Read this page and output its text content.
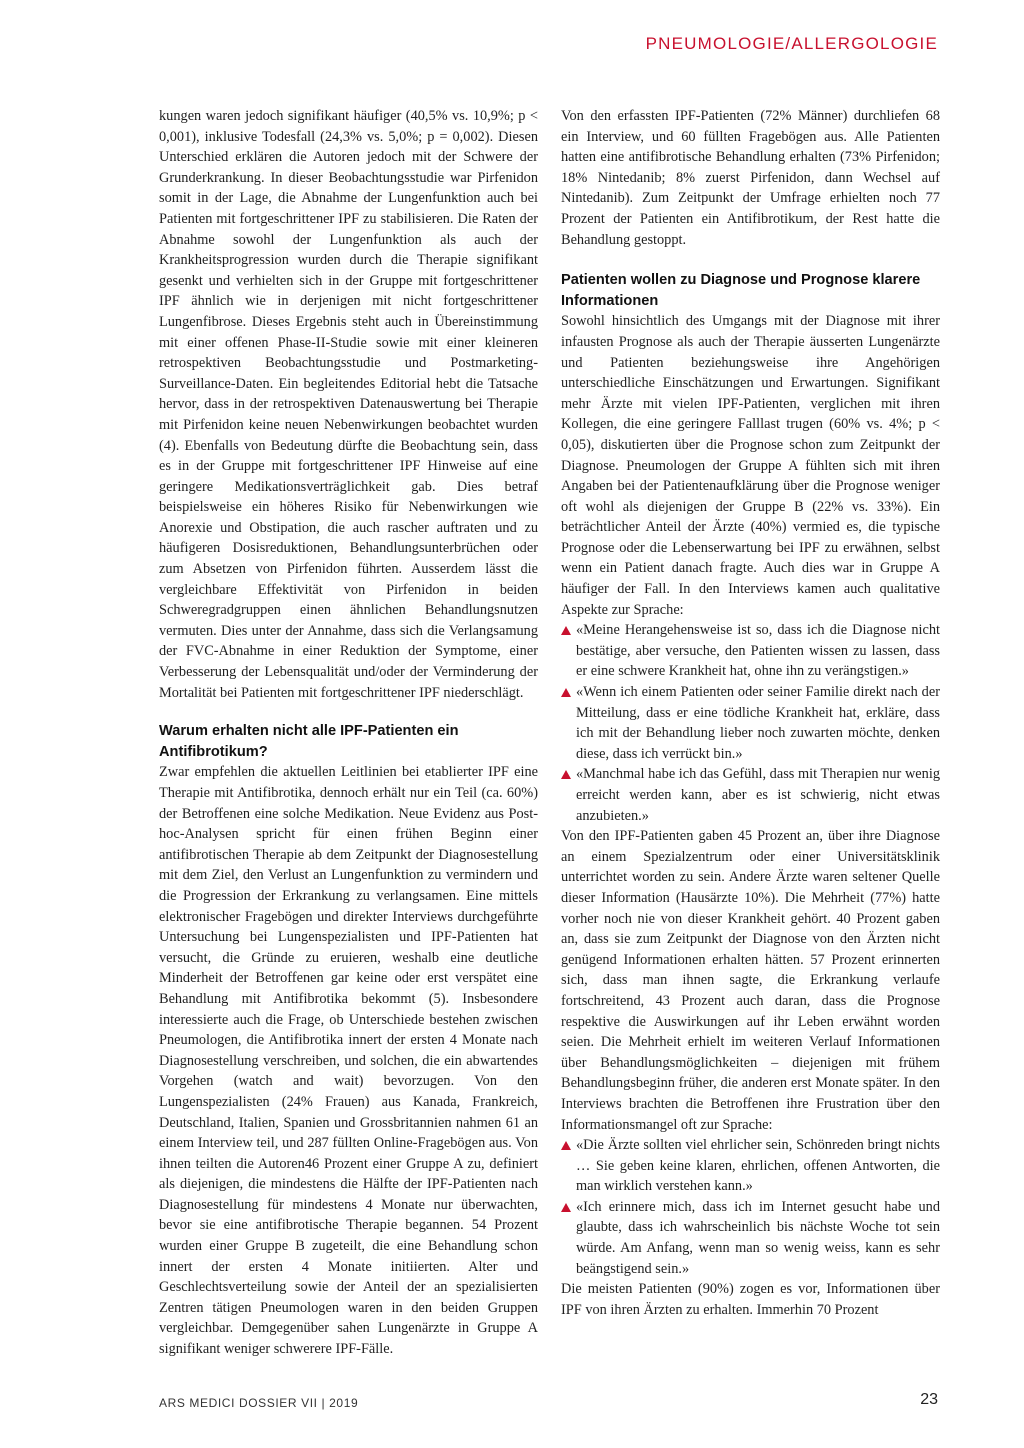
PNEUMOLOGIE/ALLERGOLOGIE

kungen waren jedoch signifikant häufiger (40,5% vs. 10,9%; p < 0,001), inklusive Todesfall (24,3% vs. 5,0%; p = 0,002). Diesen Unterschied erklären die Autoren jedoch mit der Schwere der Grunderkrankung. In dieser Beobachtungsstudie war Pirfenidon somit in der Lage, die Abnahme der Lungenfunktion auch bei Patienten mit fortgeschrittener IPF zu stabilisieren. Die Raten der Abnahme sowohl der Lungenfunktion als auch der Krankheitsprogression wurden durch die Therapie signifikant gesenkt und verhielten sich in der Gruppe mit fortgeschrittener IPF ähnlich wie in derjenigen mit nicht fortgeschrittener Lungenfibrose. Dieses Ergebnis steht auch in Übereinstimmung mit einer offenen Phase-II-Studie sowie mit einer kleineren retrospektiven Beobachtungsstudie und Postmarketing-Surveillance-Daten. Ein begleitendes Editorial hebt die Tatsache hervor, dass in der retrospektiven Datenauswertung bei Therapie mit Pirfenidon keine neuen Nebenwirkungen beobachtet wurden (4). Ebenfalls von Bedeutung dürfte die Beobachtung sein, dass es in der Gruppe mit fortgeschrittener IPF Hinweise auf eine geringere Medikationsverträglichkeit gab. Dies betraf beispielsweise ein höheres Risiko für Nebenwirkungen wie Anorexie und Obstipation, die auch rascher auftraten und zu häufigeren Dosisreduktionen, Behandlungsunterbrüchen oder zum Absetzen von Pirfenidon führten. Ausserdem lässt die vergleichbare Effektivität von Pirfenidon in beiden Schweregradgruppen einen ähnlichen Behandlungsnutzen vermuten. Dies unter der Annahme, dass sich die Verlangsamung der FVC-Abnahme in einer Reduktion der Symptome, einer Verbesserung der Lebensqualität und/oder der Verminderung der Mortalität bei Patienten mit fortgeschrittener IPF niederschlägt.

Warum erhalten nicht alle IPF-Patienten ein Antifibrotikum?

Zwar empfehlen die aktuellen Leitlinien bei etablierter IPF eine Therapie mit Antifibrotika, dennoch erhält nur ein Teil (ca. 60%) der Betroffenen eine solche Medikation. Neue Evidenz aus Post-hoc-Analysen spricht für einen frühen Beginn einer antifibrotischen Therapie ab dem Zeitpunkt der Diagnosestellung mit dem Ziel, den Verlust an Lungenfunktion zu vermindern und die Progression der Erkrankung zu verlangsamen. Eine mittels elektronischer Fragebögen und direkter Interviews durchgeführte Untersuchung bei Lungenspezialisten und IPF-Patienten hat versucht, die Gründe zu eruieren, weshalb eine deutliche Minderheit der Betroffenen gar keine oder erst verspätet eine Behandlung mit Antifibrotika bekommt (5). Insbesondere interessierte auch die Frage, ob Unterschiede bestehen zwischen Pneumologen, die Antifibrotika innert der ersten 4 Monate nach Diagnosestellung verschreiben, und solchen, die ein abwartendes Vorgehen (watch and wait) bevorzugen. Von den Lungenspezialisten (24% Frauen) aus Kanada, Frankreich, Deutschland, Italien, Spanien und Grossbritannien nahmen 61 an einem Interview teil, und 287 füllten Online-Fragebögen aus. Von ihnen teilten die Autoren46 Prozent einer Gruppe A zu, definiert als diejenigen, die mindestens die Hälfte der IPF-Patienten nach Diagnosestellung für mindestens 4 Monate nur überwachten, bevor sie eine antifibrotische Therapie begannen. 54 Prozent wurden einer Gruppe B zugeteilt, die eine Behandlung schon innert der ersten 4 Monate initiierten. Alter und Geschlechtsverteilung sowie der Anteil der an spezialisierten Zentren tätigen Pneumologen waren in den beiden Gruppen vergleichbar. Demgegenüber sahen Lungenärzte in Gruppe A signifikant weniger schwerere IPF-Fälle.

Von den erfassten IPF-Patienten (72% Männer) durchliefen 68 ein Interview, und 60 füllten Fragebögen aus. Alle Patienten hatten eine antifibrotische Behandlung erhalten (73% Pirfenidon; 18% Nintedanib; 8% zuerst Pirfenidon, dann Wechsel auf Nintedanib). Zum Zeitpunkt der Umfrage erhielten noch 77 Prozent der Patienten ein Antifibrotikum, der Rest hatte die Behandlung gestoppt.

Patienten wollen zu Diagnose und Prognose klarere Informationen

Sowohl hinsichtlich des Umgangs mit der Diagnose mit ihrer infausten Prognose als auch der Therapie äusserten Lungenärzte und Patienten beziehungsweise ihre Angehörigen unterschiedliche Einschätzungen und Erwartungen. Signifikant mehr Ärzte mit vielen IPF-Patienten, verglichen mit ihren Kollegen, die eine geringere Falllast trugen (60% vs. 4%; p < 0,05), diskutierten über die Prognose schon zum Zeitpunkt der Diagnose. Pneumologen der Gruppe A fühlten sich mit ihren Angaben bei der Patientenaufklärung über die Prognose weniger oft wohl als diejenigen der Gruppe B (22% vs. 33%). Ein beträchtlicher Anteil der Ärzte (40%) vermied es, die typische Prognose oder die Lebenserwartung bei IPF zu erwähnen, selbst wenn ein Patient danach fragte. Auch dies war in Gruppe A häufiger der Fall. In den Interviews kamen auch qualitative Aspekte zur Sprache:

«Meine Herangehensweise ist so, dass ich die Diagnose nicht bestätige, aber versuche, den Patienten wissen zu lassen, dass er eine schwere Krankheit hat, ohne ihn zu verängstigen.»

«Wenn ich einem Patienten oder seiner Familie direkt nach der Mitteilung, dass er eine tödliche Krankheit hat, erkläre, dass ich mit der Behandlung lieber noch zuwarten möchte, denken diese, dass ich verrückt bin.»

«Manchmal habe ich das Gefühl, dass mit Therapien nur wenig erreicht werden kann, aber es ist schwierig, nicht etwas anzubieten.»

Von den IPF-Patienten gaben 45 Prozent an, über ihre Diagnose an einem Spezialzentrum oder einer Universitätsklinik unterrichtet worden zu sein. Andere Ärzte waren seltener Quelle dieser Information (Hausärzte 10%). Die Mehrheit (77%) hatte vorher noch nie von dieser Krankheit gehört. 40 Prozent gaben an, dass sie zum Zeitpunkt der Diagnose von den Ärzten nicht genügend Informationen erhalten hätten. 57 Prozent erinnerten sich, dass man ihnen sagte, die Erkrankung verlaufe fortschreitend, 43 Prozent auch daran, dass die Prognose respektive die Auswirkungen auf ihr Leben erwähnt worden seien. Die Mehrheit erhielt im weiteren Verlauf Informationen über Behandlungsmöglichkeiten – diejenigen mit frühem Behandlungsbeginn früher, die anderen erst Monate später. In den Interviews brachten die Betroffenen ihre Frustration über den Informationsmangel oft zur Sprache:

«Die Ärzte sollten viel ehrlicher sein, Schönreden bringt nichts … Sie geben keine klaren, ehrlichen, offenen Antworten, die man wirklich verstehen kann.»

«Ich erinnere mich, dass ich im Internet gesucht habe und glaubte, dass ich wahrscheinlich bis nächste Woche tot sein würde. Am Anfang, wenn man so wenig weiss, kann es sehr beängstigend sein.»

Die meisten Patienten (90%) zogen es vor, Informationen über IPF von ihren Ärzten zu erhalten. Immerhin 70 Prozent

ARS MEDICI DOSSIER VII | 2019	23
